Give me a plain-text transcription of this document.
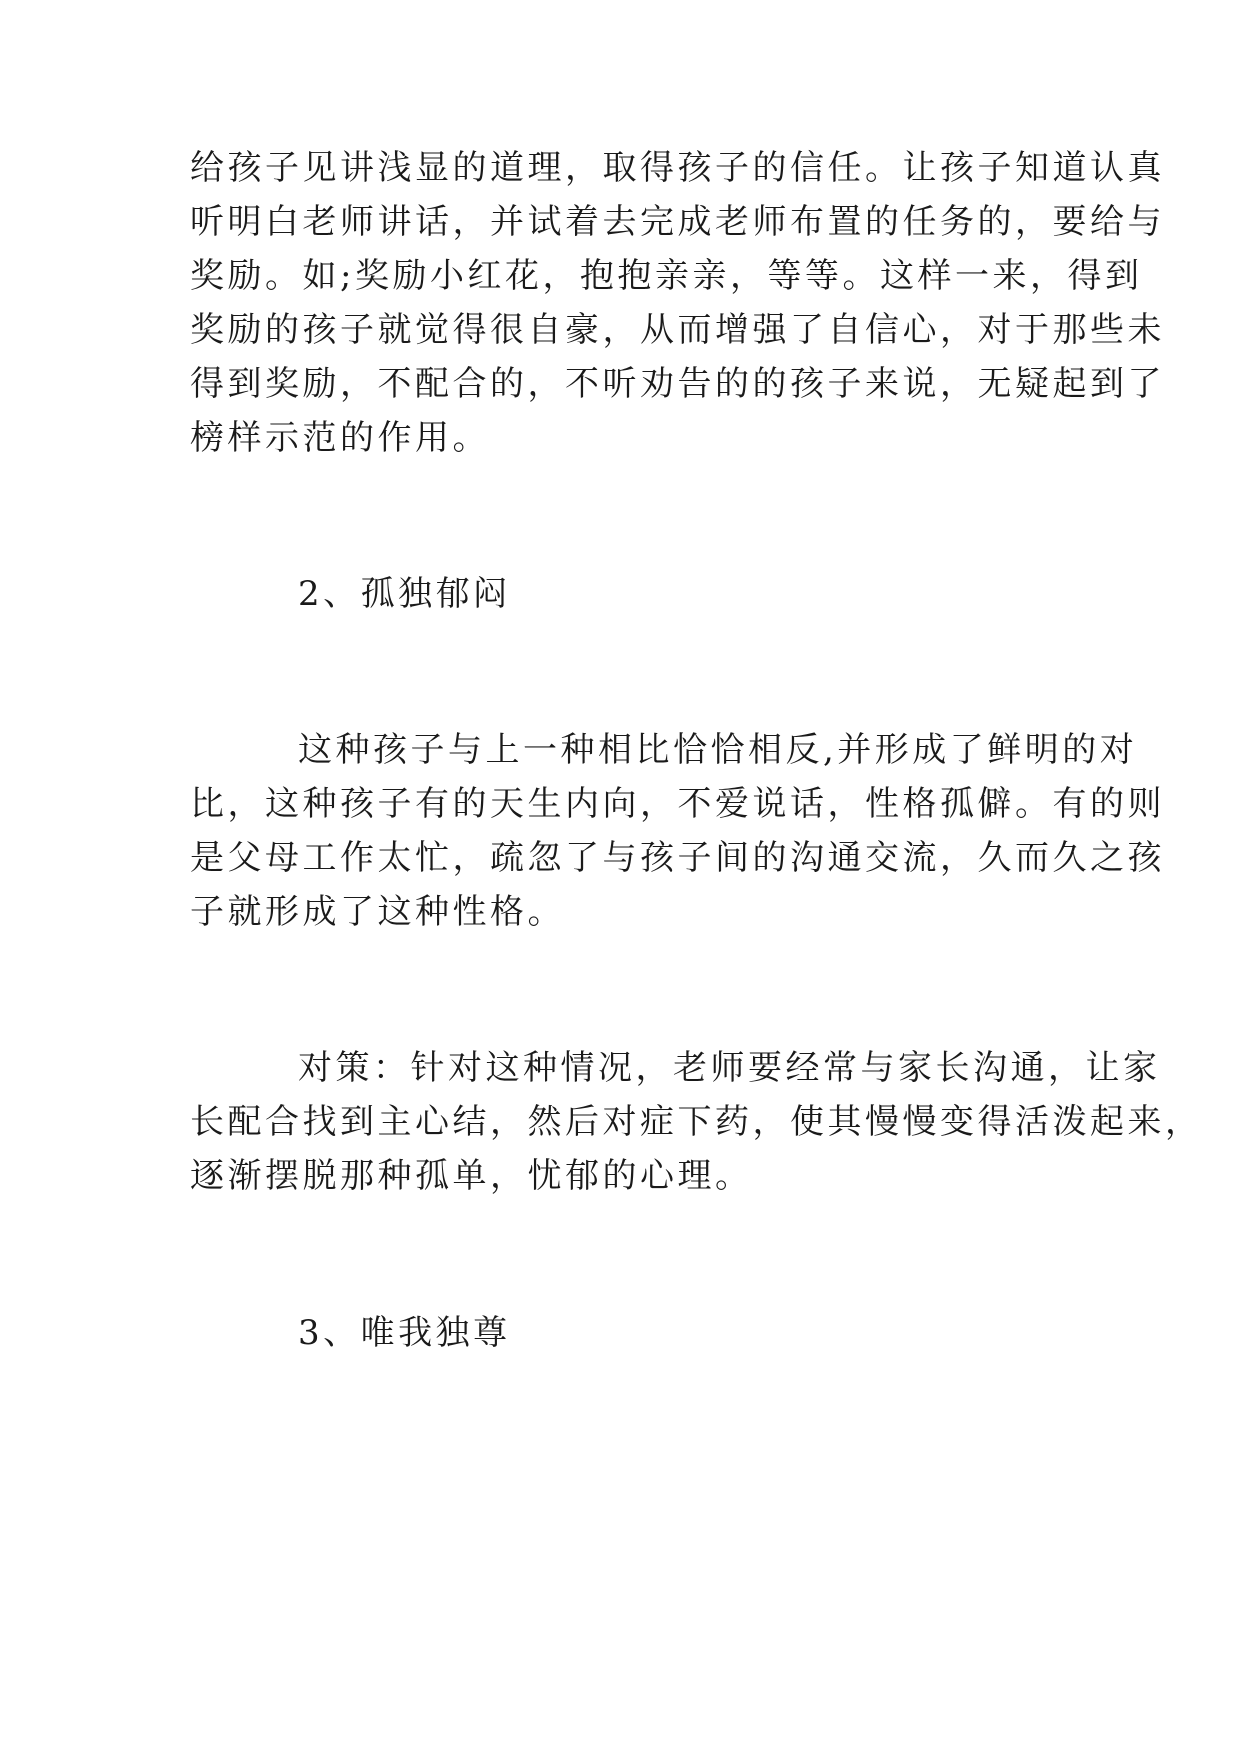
给孩子见讲浅显的道理，取得孩子的信任。让孩子知道认真
听明白老师讲话，并试着去完成老师布置的任务的，要给与
奖励。如;奖励小红花，抱抱亲亲，等等。这样一来，得到
奖励的孩子就觉得很自豪，从而增强了自信心，对于那些未
得到奖励，不配合的，不听劝告的的孩子来说，无疑起到了
榜样示范的作用。
2、孤独郁闷
这种孩子与上一种相比恰恰相反,并形成了鲜明的对
比，这种孩子有的天生内向，不爱说话，性格孤僻。有的则
是父母工作太忙，疏忽了与孩子间的沟通交流，久而久之孩
子就形成了这种性格。
对策：针对这种情况，老师要经常与家长沟通，让家
长配合找到主心结，然后对症下药，使其慢慢变得活泼起来，
逐渐摆脱那种孤单，忧郁的心理。
3、唯我独尊
